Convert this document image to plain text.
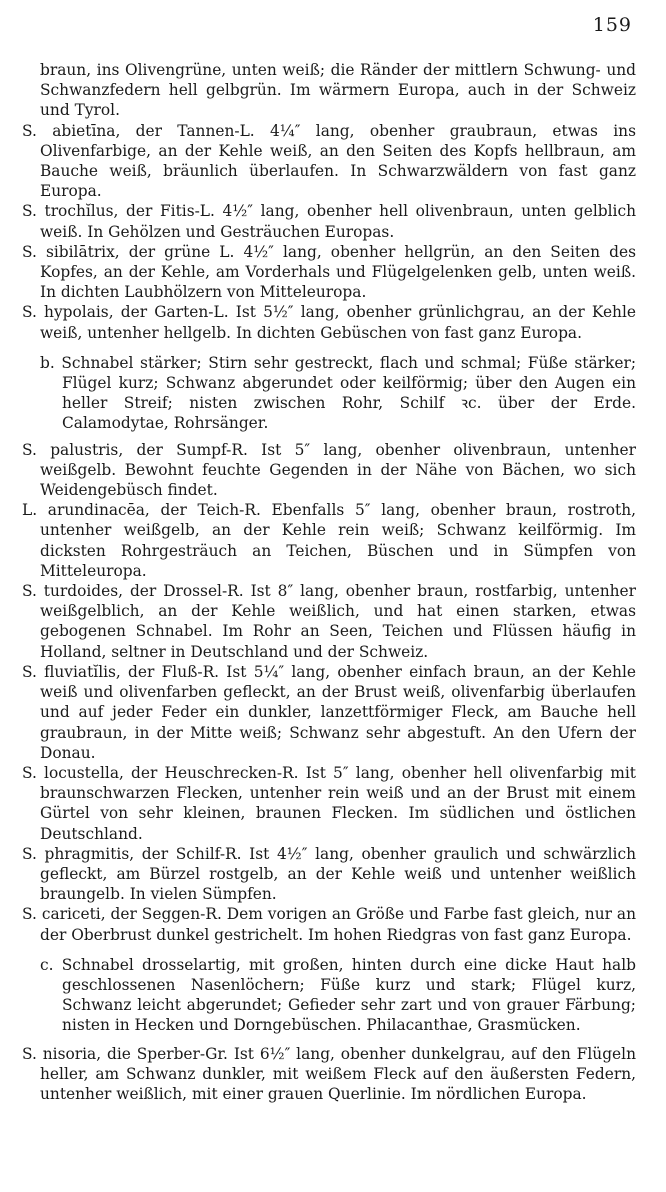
159

braun, ins Olivengrüne, unten weiß; die Ränder der mittlern Schwung- und Schwanzfedern hell gelbgrün. Im wärmern Europa, auch in der Schweiz und Tyrol.

S. abietīna, der Tannen-L. 4¼″ lang, obenher graubraun, etwas ins Olivenfarbige, an der Kehle weiß, an den Seiten des Kopfs hellbraun, am Bauche weiß, bräunlich überlaufen. In Schwarzwäldern von fast ganz Europa.

S. trochĭlus, der Fitis-L. 4½″ lang, obenher hell olivenbraun, unten gelblich weiß. In Gehölzen und Gesträuchen Europas.

S. sibilātrix, der grüne L. 4½″ lang, obenher hellgrün, an den Seiten des Kopfes, an der Kehle, am Vorderhals und Flügelgelenken gelb, unten weiß. In dichten Laubhölzern von Mitteleuropa.

S. hypolais, der Garten-L. Ist 5½″ lang, obenher grünlichgrau, an der Kehle weiß, untenher hellgelb. In dichten Gebüschen von fast ganz Europa.

b. Schnabel stärker; Stirn sehr gestreckt, flach und schmal; Füße stärker; Flügel kurz; Schwanz abgerundet oder keilförmig; über den Augen ein heller Streif; nisten zwischen Rohr, Schilf ꝛc. über der Erde. Calamodytae, Rohrsänger.

S. palustris, der Sumpf-R. Ist 5″ lang, obenher olivenbraun, untenher weißgelb. Bewohnt feuchte Gegenden in der Nähe von Bächen, wo sich Weidengebüsch findet.

L. arundinacēa, der Teich-R. Ebenfalls 5″ lang, obenher braun, rostroth, untenher weißgelb, an der Kehle rein weiß; Schwanz keilförmig. Im dicksten Rohrgesträuch an Teichen, Büschen und in Sümpfen von Mitteleuropa.

S. turdoides, der Drossel-R. Ist 8″ lang, obenher braun, rostfarbig, untenher weißgelblich, an der Kehle weißlich, und hat einen starken, etwas gebogenen Schnabel. Im Rohr an Seen, Teichen und Flüssen häufig in Holland, seltner in Deutschland und der Schweiz.

S. fluviatĭlis, der Fluß-R. Ist 5¼″ lang, obenher einfach braun, an der Kehle weiß und olivenfarben gefleckt, an der Brust weiß, olivenfarbig überlaufen und auf jeder Feder ein dunkler, lanzettförmiger Fleck, am Bauche hell graubraun, in der Mitte weiß; Schwanz sehr abgestuft. An den Ufern der Donau.

S. locustella, der Heuschrecken-R. Ist 5″ lang, obenher hell olivenfarbig mit braunschwarzen Flecken, untenher rein weiß und an der Brust mit einem Gürtel von sehr kleinen, braunen Flecken. Im südlichen und östlichen Deutschland.

S. phragmitis, der Schilf-R. Ist 4½″ lang, obenher graulich und schwärzlich gefleckt, am Bürzel rostgelb, an der Kehle weiß und untenher weißlich braungelb. In vielen Sümpfen.

S. cariceti, der Seggen-R. Dem vorigen an Größe und Farbe fast gleich, nur an der Oberbrust dunkel gestrichelt. Im hohen Riedgras von fast ganz Europa.

c. Schnabel drosselartig, mit großen, hinten durch eine dicke Haut halb geschlossenen Nasenlöchern; Füße kurz und stark; Flügel kurz, Schwanz leicht abgerundet; Gefieder sehr zart und von grauer Färbung; nisten in Hecken und Dorngebüschen. Philacanthae, Grasmücken.

S. nisoria, die Sperber-Gr. Ist 6½″ lang, obenher dunkelgrau, auf den Flügeln heller, am Schwanz dunkler, mit weißem Fleck auf den äußersten Federn, untenher weißlich, mit einer grauen Querlinie. Im nördlichen Europa.
